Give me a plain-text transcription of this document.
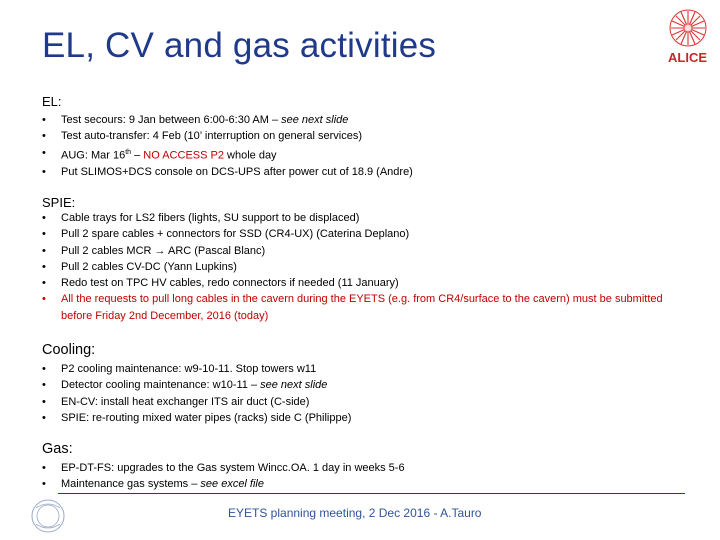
EL, CV and gas activities	ALICE
EL:
• Test secours: 9 Jan between 6:00-6:30 AM – see next slide
• Test auto-transfer: 4 Feb (10’ interruption on general services)
• AUG: Mar 16th – NO ACCESS P2 whole day
• Put SLIMOS+DCS console on DCS-UPS after power cut of 18.9 (Andre)
SPIE:
• Cable trays for LS2 fibers (lights, SU support to be displaced)
• Pull 2 spare cables + connectors for SSD (CR4-UX) (Caterina Deplano)
• Pull 2 cables MCR → ARC (Pascal Blanc)
• Pull 2 cables CV-DC (Yann Lupkins)
• Redo test on TPC HV cables, redo connectors if needed (11 January)
• All the requests to pull long cables in the cavern during the EYETS (e.g. from CR4/surface to the cavern) must be submitted before Friday 2nd December, 2016 (today)
Cooling:
• P2 cooling maintenance: w9-10-11. Stop towers w11
• Detector cooling maintenance: w10-11 – see next slide
• EN-CV: install heat exchanger ITS air duct (C-side)
• SPIE: re-routing mixed water pipes (racks) side C (Philippe)
Gas:
• EP-DT-FS: upgrades to the Gas system Wincc.OA. 1 day in weeks 5-6
• Maintenance gas systems – see excel file
EYETS planning meeting, 2 Dec 2016 - A.Tauro
